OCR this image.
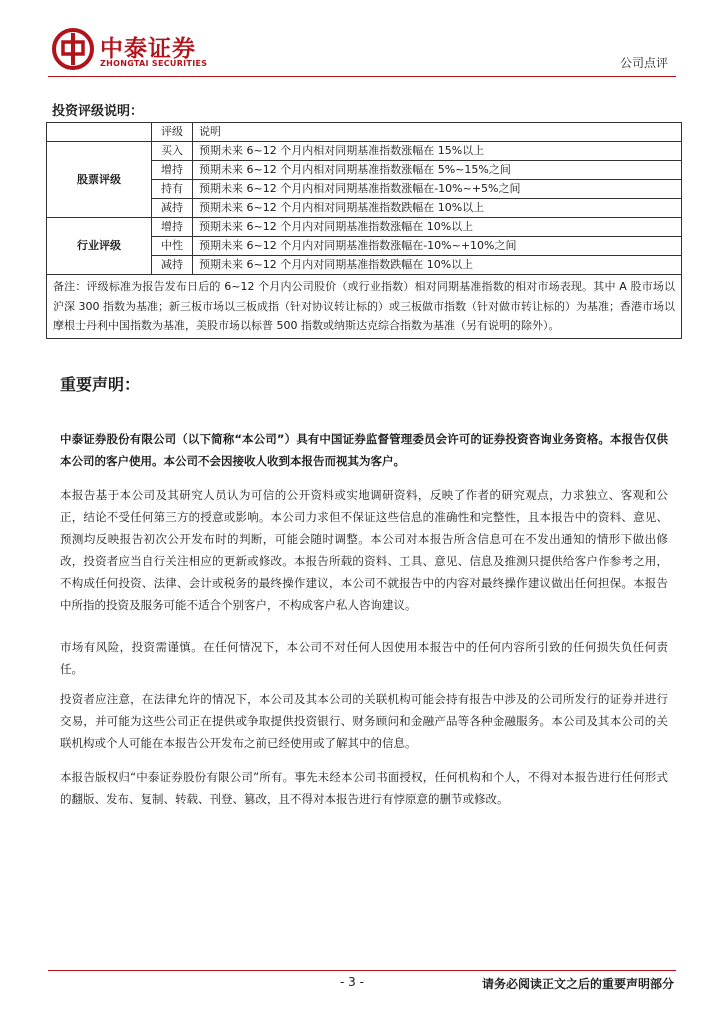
中泰证券
ZHONGTAI SECURITIES	公司点评
投资评级说明：
	评级	说明
股票评级	买入	预期未来 6~12 个月内相对同期基准指数涨幅在 15%以上
	增持	预期未来 6~12 个月内相对同期基准指数涨幅在 5%~15%之间
	持有	预期未来 6~12 个月内相对同期基准指数涨幅在-10%~+5%之间
	减持	预期未来 6~12 个月内相对同期基准指数跌幅在 10%以上
行业评级	增持	预期未来 6~12 个月内对同期基准指数涨幅在 10%以上
	中性	预期未来 6~12 个月内对同期基准指数涨幅在-10%~+10%之间
	减持	预期未来 6~12 个月内对同期基准指数跌幅在 10%以上
备注：评级标准为报告发布日后的 6~12 个月内公司股价（或行业指数）相对同期基准指数的相对市场表现。其中 A 股市场以沪深 300 指数为基准；新三板市场以三板成指（针对协议转让标的）或三板做市指数（针对做市转让标的）为基准；香港市场以摩根士丹利中国指数为基准，美股市场以标普 500 指数或纳斯达克综合指数为基准（另有说明的除外）。		
重要声明：
中泰证券股份有限公司（以下简称“本公司”）具有中国证券监督管理委员会许可的证券投资咨询业务资格。本报告仅供本公司的客户使用。本公司不会因接收人收到本报告而视其为客户。
本报告基于本公司及其研究人员认为可信的公开资料或实地调研资料，反映了作者的研究观点，力求独立、客观和公正，结论不受任何第三方的授意或影响。本公司力求但不保证这些信息的准确性和完整性，且本报告中的资料、意见、预测均反映报告初次公开发布时的判断，可能会随时调整。本公司对本报告所含信息可在不发出通知的情形下做出修改，投资者应当自行关注相应的更新或修改。本报告所载的资料、工具、意见、信息及推测只提供给客户作参考之用，不构成任何投资、法律、会计或税务的最终操作建议，本公司不就报告中的内容对最终操作建议做出任何担保。本报告中所指的投资及服务可能不适合个别客户，不构成客户私人咨询建议。
市场有风险，投资需谨慎。在任何情况下，本公司不对任何人因使用本报告中的任何内容所引致的任何损失负任何责任。
投资者应注意，在法律允许的情况下，本公司及其本公司的关联机构可能会持有报告中涉及的公司所发行的证券并进行交易，并可能为这些公司正在提供或争取提供投资银行、财务顾问和金融产品等各种金融服务。本公司及其本公司的关联机构或个人可能在本报告公开发布之前已经使用或了解其中的信息。
本报告版权归“中泰证券股份有限公司”所有。事先未经本公司书面授权，任何机构和个人，不得对本报告进行任何形式的翻版、发布、复制、转载、刊登、篡改，且不得对本报告进行有悖原意的删节或修改。
- 3 -	请务必阅读正文之后的重要声明部分
